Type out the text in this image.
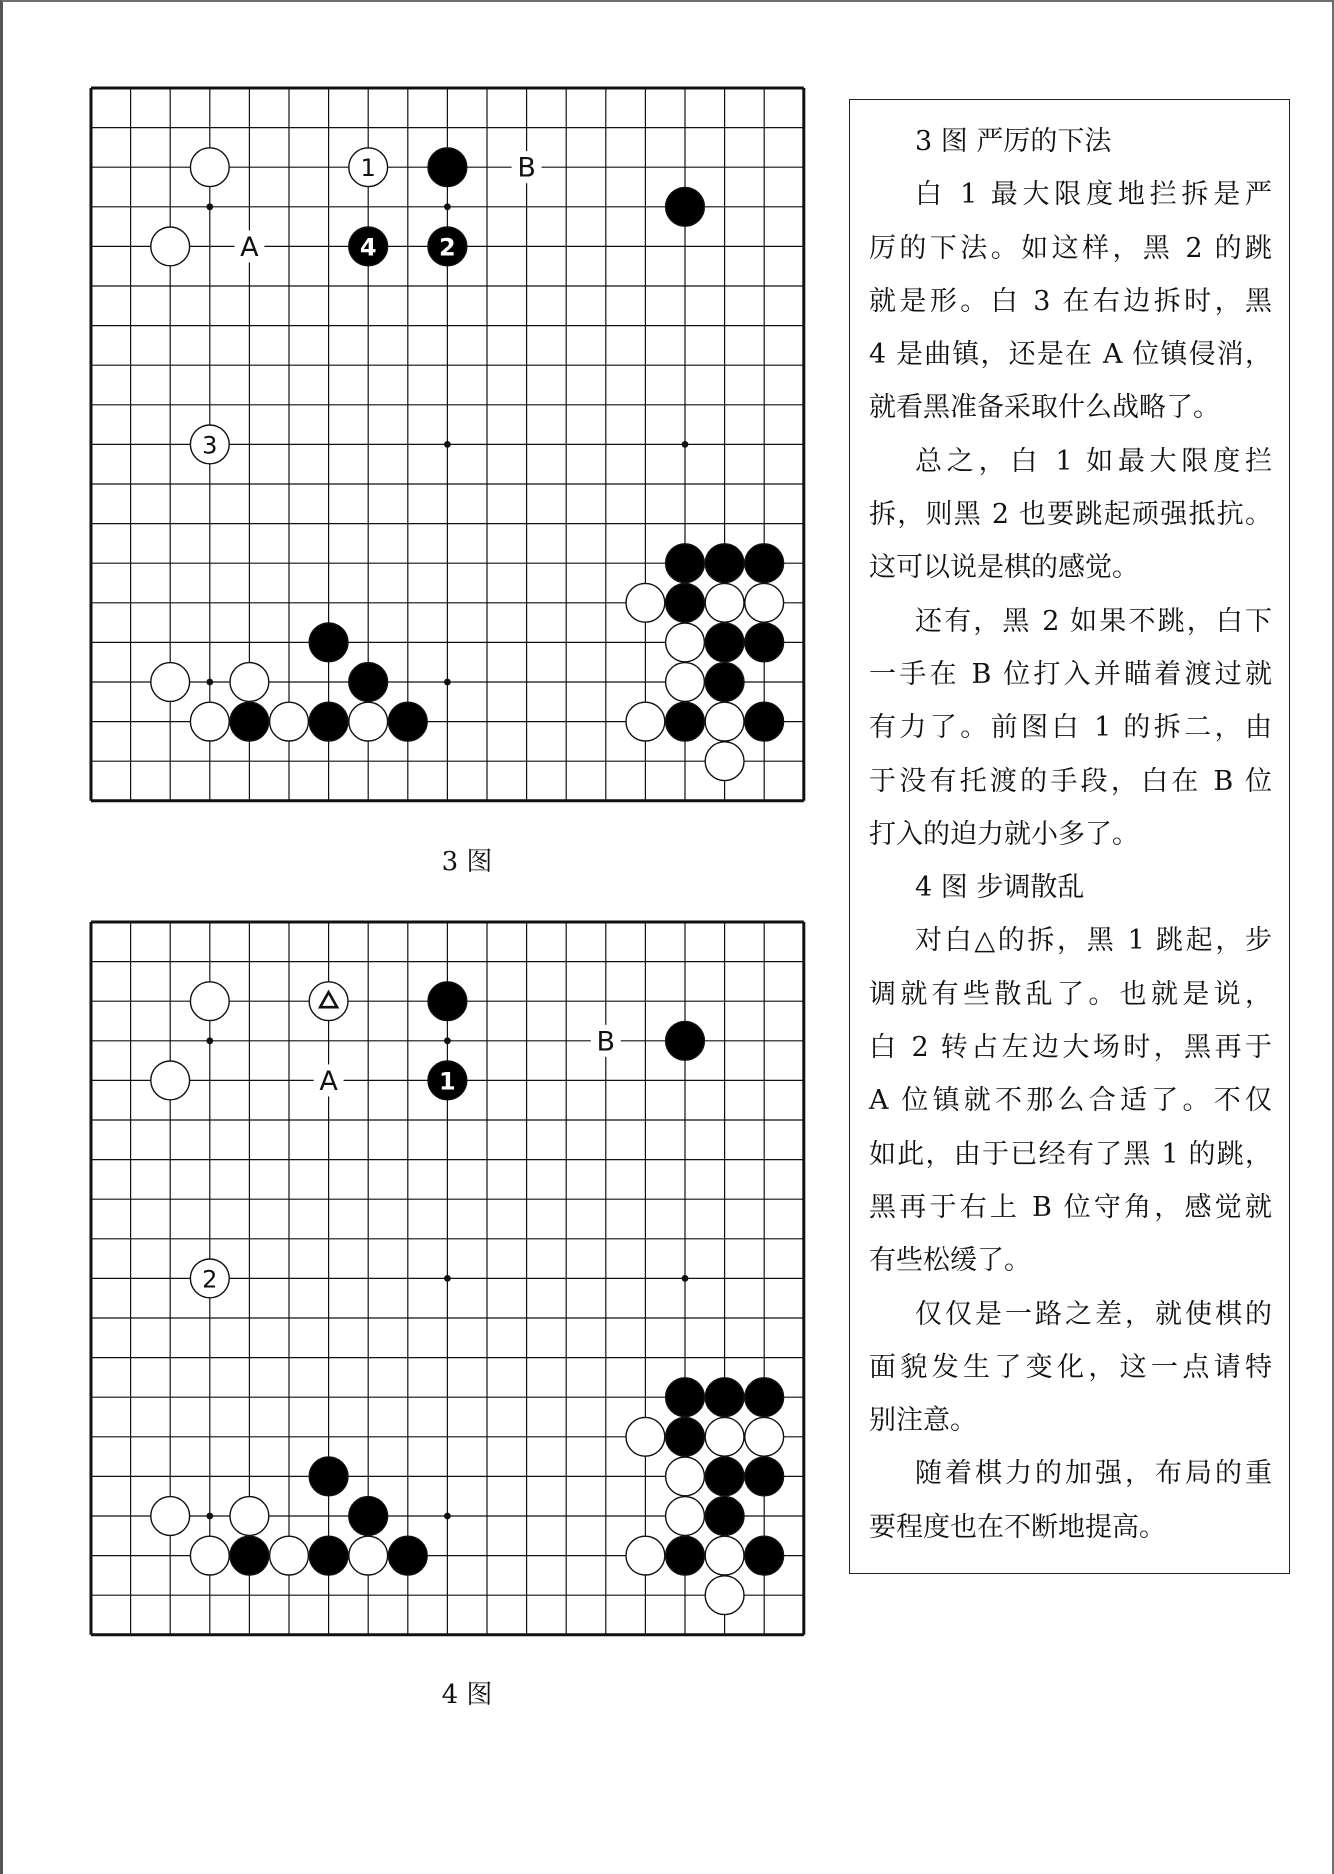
B
A
1
4	2
3
3 图
B
A	1
2
4 图
3 图 严厉的下法
白 1 最大限度地拦拆是严
厉的下法。如这样，黑 2 的跳
就是形。白 3 在右边拆时，黑
4 是曲镇，还是在 A 位镇侵消，
就看黑准备采取什么战略了。
总之，白 1 如最大限度拦
拆，则黑 2 也要跳起顽强抵抗。
这可以说是棋的感觉。
还有，黑 2 如果不跳，白下
一手在 B 位打入并瞄着渡过就
有力了。前图白 1 的拆二，由
于没有托渡的手段，白在 B 位
打入的迫力就小多了。
4 图 步调散乱
对白△的拆，黑 1 跳起，步
调就有些散乱了。也就是说，
白 2 转占左边大场时，黑再于
A 位镇就不那么合适了。不仅
如此，由于已经有了黑 1 的跳，
黑再于右上 B 位守角，感觉就
有些松缓了。
仅仅是一路之差，就使棋的
面貌发生了变化，这一点请特
别注意。
随着棋力的加强，布局的重
要程度也在不断地提高。
